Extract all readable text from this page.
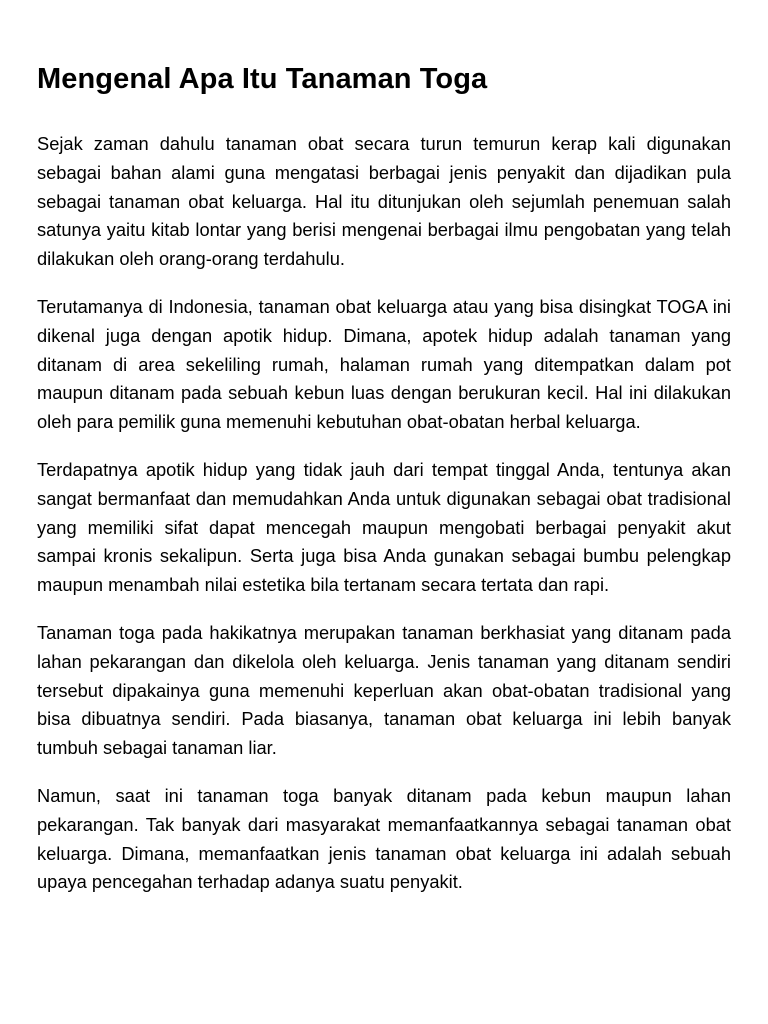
Mengenal Apa Itu Tanaman Toga

Sejak zaman dahulu tanaman obat secara turun temurun kerap kali digunakan sebagai bahan alami guna mengatasi berbagai jenis penyakit dan dijadikan pula sebagai tanaman obat keluarga. Hal itu ditunjukan oleh sejumlah penemuan salah satunya yaitu kitab lontar yang berisi mengenai berbagai ilmu pengobatan yang telah dilakukan oleh orang-orang terdahulu.

Terutamanya di Indonesia, tanaman obat keluarga atau yang bisa disingkat TOGA ini dikenal juga dengan apotik hidup. Dimana, apotek hidup adalah tanaman yang ditanam di area sekeliling rumah, halaman rumah yang ditempatkan dalam pot maupun ditanam pada sebuah kebun luas dengan berukuran kecil. Hal ini dilakukan oleh para pemilik guna memenuhi kebutuhan obat-obatan herbal keluarga.

Terdapatnya apotik hidup yang tidak jauh dari tempat tinggal Anda, tentunya akan sangat bermanfaat dan memudahkan Anda untuk digunakan sebagai obat tradisional yang memiliki sifat dapat mencegah maupun mengobati berbagai penyakit akut sampai kronis sekalipun. Serta juga bisa Anda gunakan sebagai bumbu pelengkap maupun menambah nilai estetika bila tertanam secara tertata dan rapi.

Tanaman toga pada hakikatnya merupakan tanaman berkhasiat yang ditanam pada lahan pekarangan dan dikelola oleh keluarga. Jenis tanaman yang ditanam sendiri tersebut dipakainya guna memenuhi keperluan akan obat-obatan tradisional yang bisa dibuatnya sendiri. Pada biasanya, tanaman obat keluarga ini lebih banyak tumbuh sebagai tanaman liar.

Namun, saat ini tanaman toga banyak ditanam pada kebun maupun lahan pekarangan. Tak banyak dari masyarakat memanfaatkannya sebagai tanaman obat keluarga. Dimana, memanfaatkan jenis tanaman obat keluarga ini adalah sebuah upaya pencegahan terhadap adanya suatu penyakit.
